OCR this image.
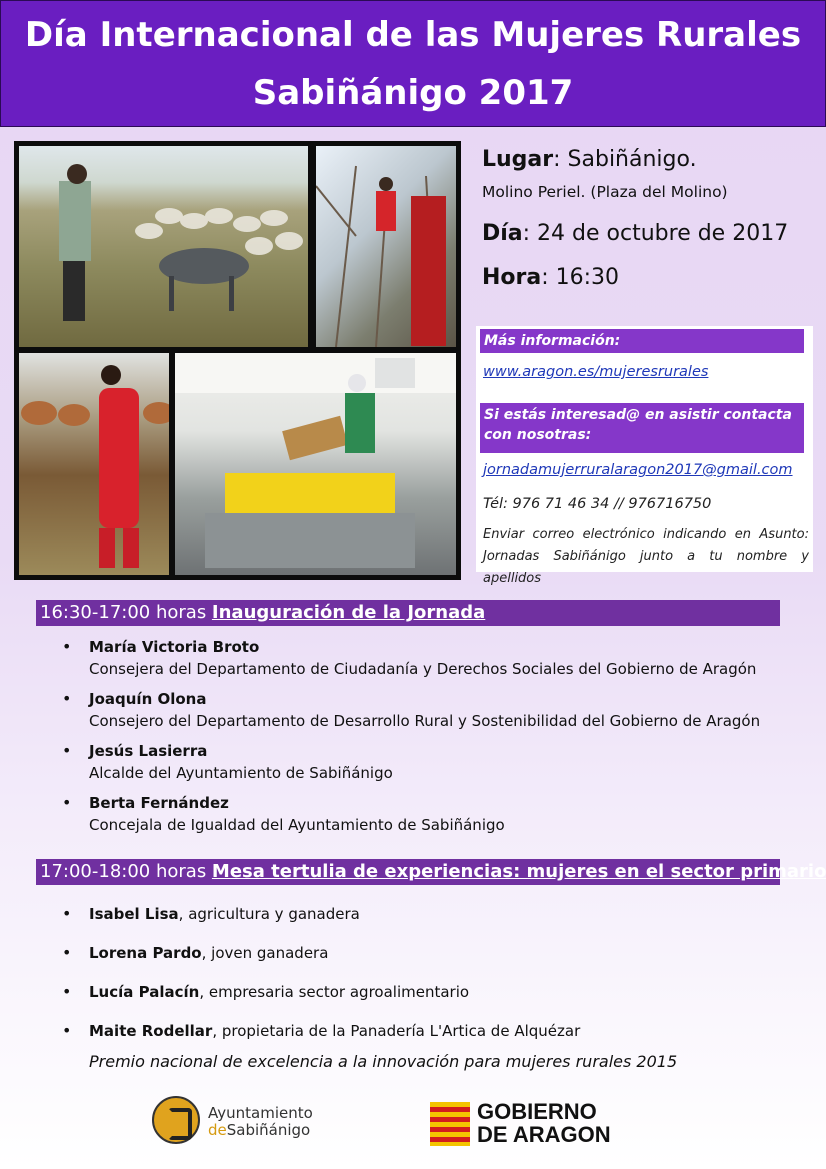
Día Internacional de las Mujeres Rurales
Sabiñánigo 2017
Lugar: Sabiñánigo.
Molino Periel. (Plaza del Molino)
Día: 24 de octubre de 2017
Hora: 16:30
Más información:
www.aragon.es/mujeresrurales
Si estás interesad@ en asistir contacta con nosotras:
jornadamujerruralaragon2017@gmail.com
Tél: 976 71 46 34 // 976716750
Enviar correo electrónico indicando en Asunto: Jornadas Sabiñánigo junto a tu nombre y apellidos
16:30-17:00 horas Inauguración de la Jornada
• María Victoria Broto
Consejera del Departamento de Ciudadanía y Derechos Sociales del Gobierno de Aragón
• Joaquín Olona
Consejero del Departamento de Desarrollo Rural y Sostenibilidad del Gobierno de Aragón
• Jesús Lasierra
Alcalde del Ayuntamiento de Sabiñánigo
• Berta Fernández
Concejala de Igualdad del Ayuntamiento de Sabiñánigo
17:00-18:00 horas Mesa tertulia de experiencias: mujeres en el sector primario
• Isabel Lisa, agricultura y ganadera
• Lorena Pardo, joven ganadera
• Lucía Palacín, empresaria sector agroalimentario
• Maite Rodellar, propietaria de la Panadería L'Artica de Alquézar
Premio nacional de excelencia a la innovación para mujeres rurales 2015
Ayuntamiento
deSabiñánigo
GOBIERNO
DE ARAGON
